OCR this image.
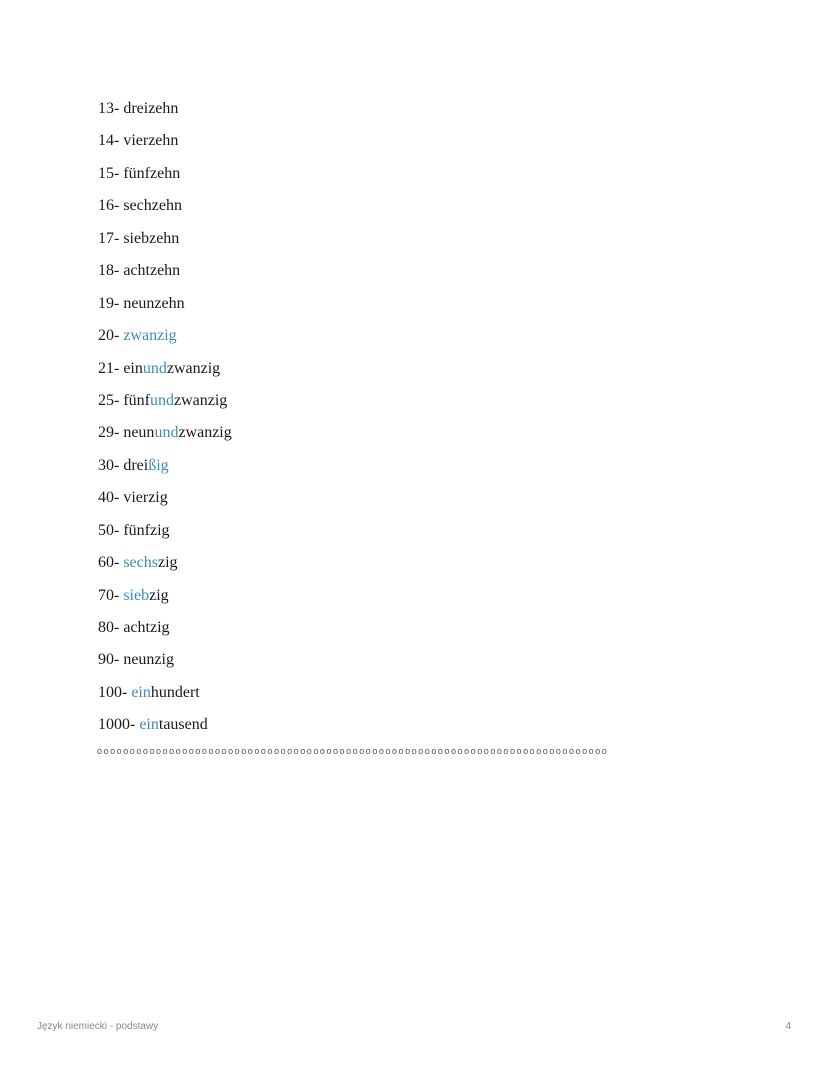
13- dreizehn
14- vierzehn
15- fünfzehn
16- sechzehn
17- siebzehn
18- achtzehn
19- neunzehn
20- zwanzig
21- einundzwanzig
25- fünfundzwanzig
29- neunundzwanzig
30- dreißig
40- vierzig
50- fünfzig
60- sechszig
70- siebzig
80- achtzig
90- neunzig
100- einhundert
1000- eintausend
oooooooooooooooooooooooooooooooooooooooooooooooooooooooooooooooooooooooooooooo
Język niemiecki - podstawy	4
